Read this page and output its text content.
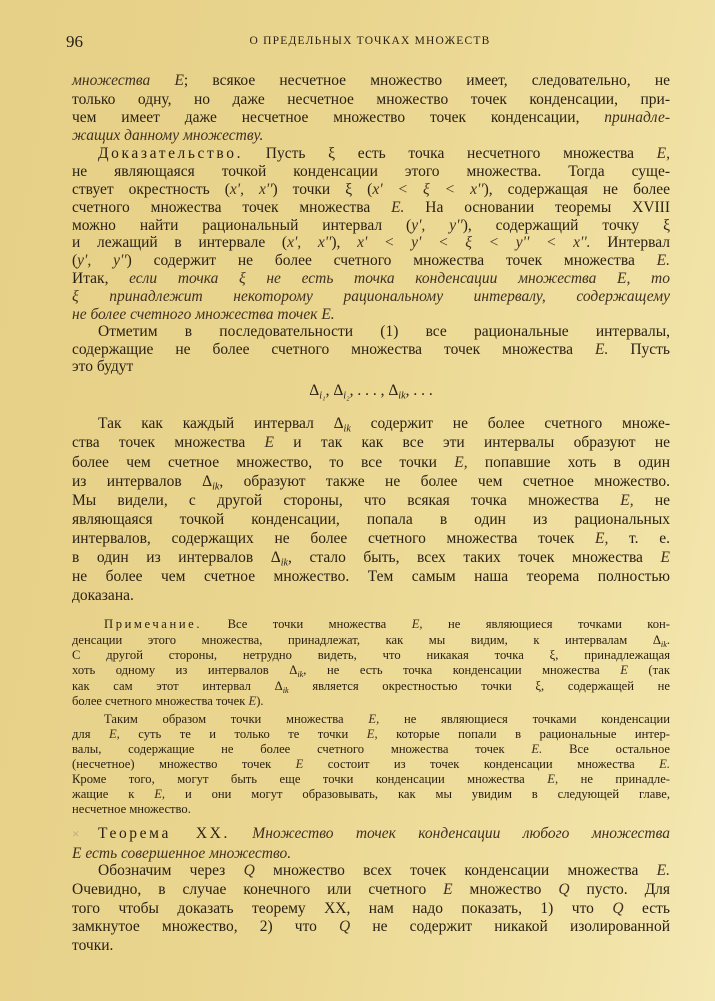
96	О ПРЕДЕЛЬНЫХ ТОЧКАХ МНОЖЕСТВ
×
множества E; всякое несчетное множество имеет, следовательно, не
только одну, но даже несчетное множество точек конденсации, при-
чем имеет даже несчетное множество точек конденсации, принадле-
жащих данному множеству.
Доказательство. Пусть ξ есть точка несчетного множества E,
не являющаяся точкой конденсации этого множества. Тогда суще-
ствует окрестность (x', x'') точки ξ (x' < ξ < x''), содержащая не более
счетного множества точек множества E. На основании теоремы XVIII
можно найти рациональный интервал (y', y''), содержащий точку ξ
и лежащий в интервале (x', x''), x' < y' < ξ < y'' < x''. Интервал
(y', y'') содержит не более счетного множества точек множества E.
Итак, если точка ξ не есть точка конденсации множества E, то
ξ принадлежит некоторому рациональному интервалу, содержащему
не более счетного множества точек E.
Отметим в последовательности (1) все рациональные интервалы,
содержащие не более счетного множества точек множества E. Пусть
это будут
$\Delta_{i_1}$, $\Delta_{i_2}$, . . . , $\Delta_{ik}$, . . .
Так как каждый интервал $\Delta_{ik}$ содержит не более счетного множе-
ства точек множества E и так как все эти интервалы образуют не
более чем счетное множество, то все точки E, попавшие хоть в один
из интервалов $\Delta_{ik}$, образуют также не более чем счетное множество.
Мы видели, с другой стороны, что всякая точка множества E, не
являющаяся точкой конденсации, попала в один из рациональных
интервалов, содержащих не более счетного множества точек E, т. е.
в один из интервалов $\Delta_{ik}$, стало быть, всех таких точек множества E
не более чем счетное множество. Тем самым наша теорема полностью
доказана.
Примечание. Все точки множества E, не являющиеся точками кон-
денсации этого множества, принадлежат, как мы видим, к интервалам $\Delta_{ik}$.
С другой стороны, нетрудно видеть, что никакая точка ξ, принадлежащая
хоть одному из интервалов $\Delta_{ik}$, не есть точка конденсации множества E (так
как сам этот интервал $\Delta_{ik}$ является окрестностью точки ξ, содержащей не
более счетного множества точек E).
Таким образом точки множества E, не являющиеся точками конденсации
для E, суть те и только те точки E, которые попали в рациональные интер-
валы, содержащие не более счетного множества точек E. Все остальное
(несчетное) множество точек E состоит из точек конденсации множества E.
Кроме того, могут быть еще точки конденсации множества E, не принадле-
жащие к E, и они могут образовывать, как мы увидим в следующей главе,
несчетное множество.
Теорема XX. Множество точек конденсации любого множества
E есть совершенное множество.
Обозначим через Q множество всех точек конденсации множества E.
Очевидно, в случае конечного или счетного E множество Q пусто. Для
того чтобы доказать теорему XX, нам надо показать, 1) что Q есть
замкнутое множество, 2) что Q не содержит никакой изолированной
точки.
